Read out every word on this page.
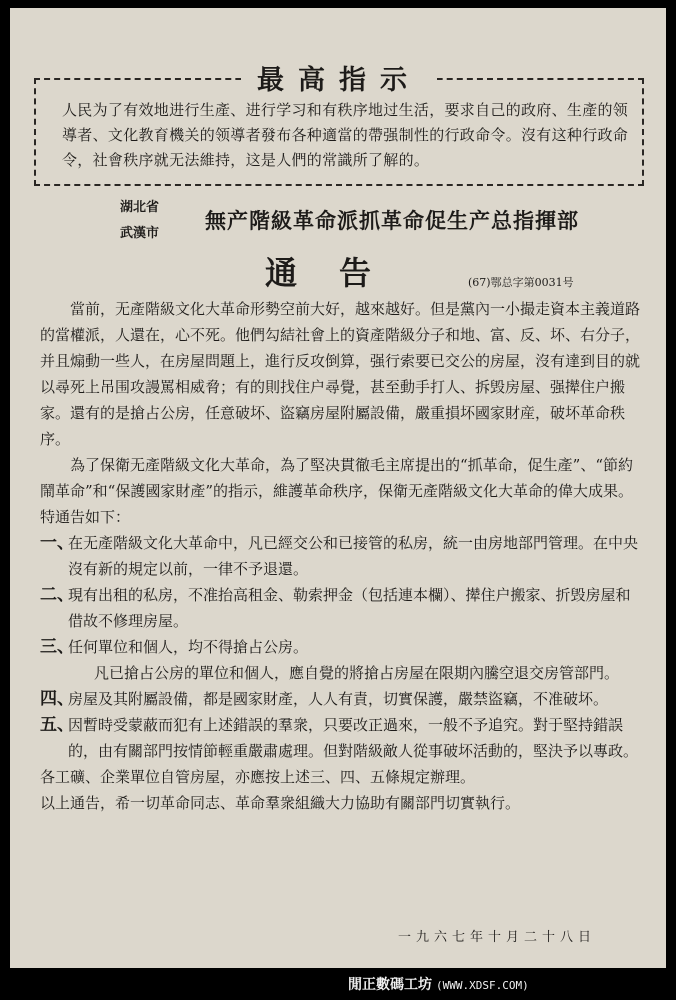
最高指示
人民为了有效地进行生產、进行学习和有秩序地过生活，要求自己的政府、生產的领導者、文化教育機关的领導者發布各种適當的帶强制性的行政命令。沒有这种行政命令，社會秩序就无法維持，这是人們的常識所了解的。
湖北省
武漢市
無产階級革命派抓革命促生产总指揮部
通告	(67)鄂总字第0031号

當前，无產階級文化大革命形勢空前大好，越來越好。但是黨內一小撮走資本主義道路的當權派，人還在，心不死。他們勾結社會上的資產階級分子和地、富、反、坏、右分子，并且煽動一些人，在房屋問題上，進行反攻倒算，强行索要已交公的房屋，沒有達到目的就以尋死上吊围攻謾罵相威脅；有的則找住户尋覺，甚至動手打人、拆毁房屋、强撵住户搬家。還有的是搶占公房，任意破坏、盜竊房屋附屬設備，嚴重損坏國家財産，破坏革命秩序。

為了保衛无產階級文化大革命，為了堅决貫徹毛主席提出的“抓革命，促生產”、“節約鬧革命”和“保護國家財產”的指示，維護革命秩序，保衛无產階級文化大革命的偉大成果。特通告如下：

一、
在无產階級文化大革命中，凡已經交公和已接管的私房，統一由房地部門管理。在中央沒有新的規定以前，一律不予退還。
二、
現有出租的私房，不准抬高租金、勒索押金（包括連本欄）、撵住户搬家、折毁房屋和借故不修理房屋。
三、
任何單位和個人，均不得搶占公房。

凡已搶占公房的單位和個人，應自覺的將搶占房屋在限期內騰空退交房管部門。

四、
房屋及其附屬設備，都是國家財產，人人有責，切實保護，嚴禁盜竊，不准破坏。
五、
因暫時受蒙蔽而犯有上述錯誤的羣衆，只要改正過來，一般不予追究。對于堅持錯誤的，由有關部門按情節輕重嚴肅處理。但對階級敵人從事破坏活動的，堅決予以專政。

各工礦、企業單位自管房屋，亦應按上述三、四、五條規定辦理。

以上通告，希一切革命同志、革命羣衆組織大力協助有關部門切實執行。

一九六七年十月二十八日
閒正數碼工坊 (WWW.XDSF.COM)
